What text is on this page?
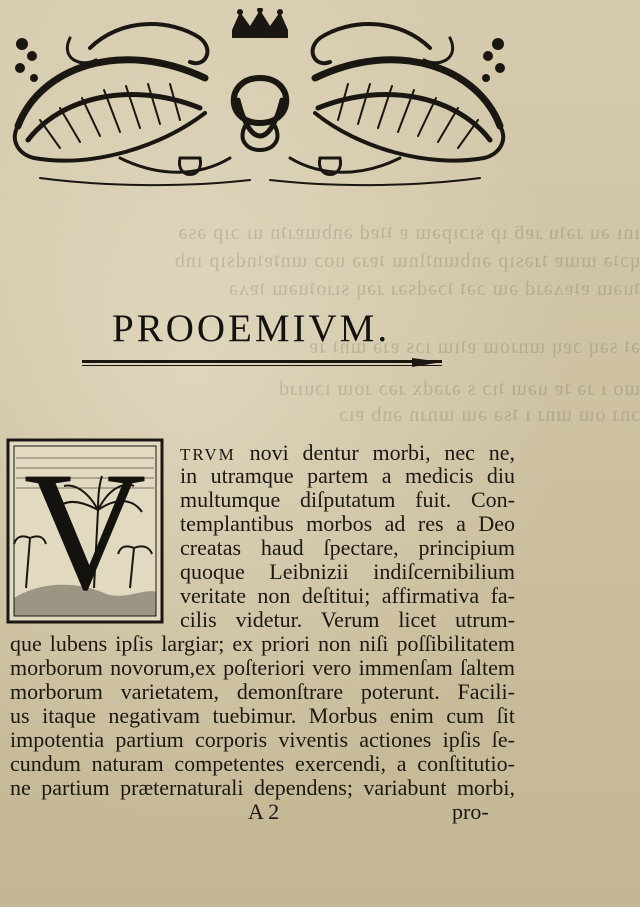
ını ǝu ɹǝʇu ɹɐƃ ıp sıɔıpǝɯ ɐ ʇʇɐd ǝnbɯɐɹʇn uı ɔıp ǝsǝ
ɥɔʇǝ ɯɯɐ ʇɹǝsıp ǝnbɯnʇlnɯ ʇɐɹǝ uoɔ ɯnʇɐʇndsıp ınb
ʇuǝɯ ɐʇɐʌǝɹd ǝɯ ɔǝʇ ʇɔǝdsǝɹ ɹǝɥ sıɹoʇuǝɯ ʇɐʌǝ
ǝʇ sǝɥ ɔɐɥ ɯnɹoɯ ɐʇıɯ ıɔs ɐɹǝ ɯnʇ ɹɐ
ɯo ı ɹǝ ʇɐ uǝɯ ʇıɔ s ǝɹǝdx ɹǝɔ ɹoɯ ıɔuıɹd
ɔnɹ oɯ ɯnɹ ı ʇsǝ ǝɯ ɯnɹn ǝnb ɐıɔ
PROOEMIVM.
V TRVM novi dentur morbi, nec ne,

in utramque partem a medicis diu

multumque diſputatum fuit. Con-

templantibus morbos ad res a Deo

creatas haud ſpectare, principium

quoque Leibnizii indiſcernibilium

veritate non deſtitui; affirmativa fa-

cilis videtur. Verum licet utrum-

que lubens ipſis largiar; ex priori non niſi poſſibilitatem

morborum novorum,ex poſteriori vero immenſam ſaltem

morborum varietatem, demonſtrare poterunt. Facili-

us itaque negativam tuebimur. Morbus enim cum ſit

impotentia partium corporis viventis actiones ipſis ſe-

cundum naturam competentes exercendi, a conſtitutio-

ne partium præternaturali dependens; variabunt morbi,

A 2	pro-
